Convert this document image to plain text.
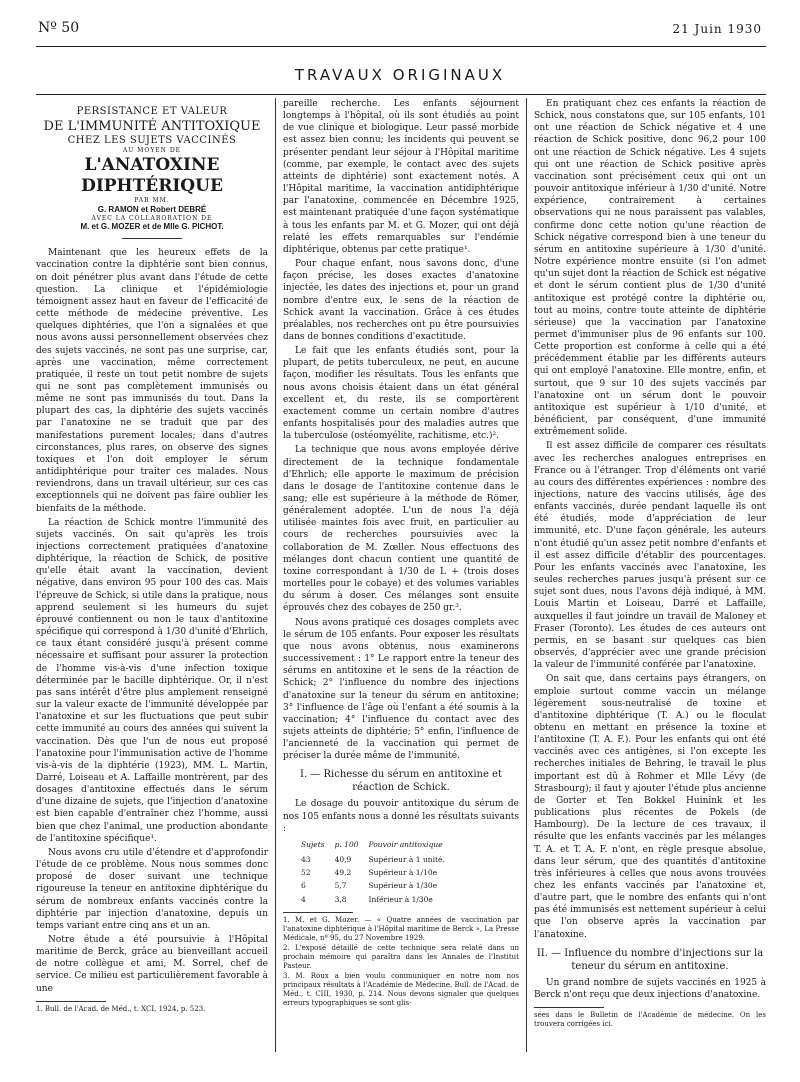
Nº 50	21 Juin 1930
TRAVAUX ORIGINAUX
PERSISTANCE ET VALEUR
DE L'IMMUNITÉ ANTITOXIQUE
CHEZ LES SUJETS VACCINÉS
AU MOYEN DE
L'ANATOXINE DIPHTÉRIQUE
PAR MM.
G. RAMON et Robert DEBRÉ
AVEC LA COLLABORATION DE
M. et G. MOZER et de Mlle G. PICHOT.

Maintenant que les heureux effets de la vaccination contre la diphtérie sont bien connus, on doit pénétrer plus avant dans l'étude de cette question. La clinique et l'épidémiologie témoignent assez haut en faveur de l'efficacité de cette méthode de médecine préventive. Les quelques diphtéries, que l'on a signalées et que nous avons aussi personnellement observées chez des sujets vaccinés, ne sont pas une surprise, car, après une vaccination, même correctement pratiquée, il reste un tout petit nombre de sujets qui ne sont pas complètement immunisés ou même ne sont pas immunisés du tout. Dans la plupart des cas, la diphtérie des sujets vaccinés par l'anatoxine ne se traduit que par des manifestations purement locales; dans d'autres circonstances, plus rares, on observe des signes toxiques et l'on doit employer le sérum antidiphtérique pour traiter ces malades. Nous reviendrons, dans un travail ultérieur, sur ces cas exceptionnels qui ne doivent pas faire oublier les bienfaits de la méthode.

La réaction de Schick montre l'immunité des sujets vaccinés. On sait qu'après les trois injections correctement pratiquées d'anatoxine diphtérique, la réaction de Schick, de positive qu'elle était avant la vaccination, devient négative, dans environ 95 pour 100 des cas. Mais l'épreuve de Schick, si utile dans la pratique, nous apprend seulement si les humeurs du sujet éprouvé contiennent ou non le taux d'antitoxine spécifique qui correspond à 1/30 d'unité d'Ehrlich, ce taux étant considéré jusqu'à présent comme nécessaire et suffisant pour assurer la protection de l'homme vis-à-vis d'une infection toxique déterminée par le bacille diphtérique. Or, il n'est pas sans intérêt d'être plus amplement renseigné sur la valeur exacte de l'immunité développée par l'anatoxine et sur les fluctuations que peut subir cette immunité au cours des années qui suivent la vaccination. Dès que l'un de nous eut proposé l'anatoxine pour l'immunisation active de l'homme vis-à-vis de la diphtérie (1923), MM. L. Martin, Darré, Loiseau et A. Laffaille montrèrent, par des dosages d'antitoxine effectués dans le sérum d'une dizaine de sujets, que l'injection d'anatoxine est bien capable d'entraîner chez l'homme, aussi bien que chez l'animal, une production abondante de l'antitoxine spécifique¹.

Nous avons cru utile d'étendre et d'approfondir l'étude de ce problème. Nous nous sommes donc proposé de doser suivant une technique rigoureuse la teneur en antitoxine diphtérique du sérum de nombreux enfants vaccinés contre la diphtérie par injection d'anatoxine, depuis un temps variant entre cinq ans et un an.

Notre étude a été poursuivie à l'Hôpital maritime de Berck, grâce au bienveillant accueil de notre collègue et ami, M. Sorrel, chef de service. Ce milieu est particulièrement favorable à une

1. Bull. de l'Acad. de Méd., t. XCI, 1924, p. 523.

pareille recherche. Les enfants séjournent longtemps à l'hôpital, où ils sont étudiés au point de vue clinique et biologique. Leur passé morbide est assez bien connu; les incidents qui peuvent se présenter pendant leur séjour à l'Hôpital maritime (comme, par exemple, le contact avec des sujets atteints de diphtérie) sont exactement notés. A l'Hôpital maritime, la vaccination antidiphtérique par l'anatoxine, commencée en Décembre 1925, est maintenant pratiquée d'une façon systématique à tous les enfants par M. et G. Mozer, qui ont déjà relaté les effets remarquables sur l'endémie diphtérique, obtenus par cette pratique¹.

Pour chaque enfant, nous savons donc, d'une façon précise, les doses exactes d'anatoxine injectée, les dates des injections et, pour un grand nombre d'entre eux, le sens de la réaction de Schick avant la vaccination. Grâce à ces études préalables, nos recherches ont pu être poursuivies dans de bonnes conditions d'exactitude.

Le fait que les enfants étudiés sont, pour la plupart, de petits tuberculeux, ne peut, en aucune façon, modifier les résultats. Tous les enfants que nous avons choisis étaient dans un état général excellent et, du reste, ils se comportèrent exactement comme un certain nombre d'autres enfants hospitalisés pour des maladies autres que la tuberculose (ostéomyélite, rachitisme, etc.)².

La technique que nous avons employée dérive directement de la technique fondamentale d'Ehrlich; elle apporte le maximum de précision dans le dosage de l'antitoxine contenue dans le sang; elle est supérieure à la méthode de Römer, généralement adoptée. L'un de nous l'a déjà utilisée maintes fois avec fruit, en particulier au cours de recherches poursuivies avec la collaboration de M. Zœller. Nous effectuons des mélanges dont chacun contient une quantité de toxine correspondant à 1/30 de L + (trois doses mortelles pour le cobaye) et des volumes variables du sérum à doser. Ces mélanges sont ensuite éprouvés chez des cobayes de 250 gr.³.

Nous avons pratiqué ces dosages complets avec le sérum de 105 enfants. Pour exposer les résultats que nous avons obtenus, nous examinerons successivement : 1° Le rapport entre la teneur des sérums en antitoxine et le sens de la réaction de Schick; 2° l'influence du nombre des injections d'anatoxine sur la teneur du sérum en antitoxine; 3° l'influence de l'âge où l'enfant a été soumis à la vaccination; 4° l'influence du contact avec des sujets atteints de diphtérie; 5° enfin, l'influence de l'ancienneté de la vaccination qui permet de préciser la durée même de l'immunité.

I. — Richesse du sérum en antitoxine et réaction de Schick.

Le dosage du pouvoir antitoxique du sérum de nos 105 enfants nous a donné les résultats suivants :

Sujets	p. 100	Pouvoir antitoxique
43	40,9	Supérieur à 1 unité.
52	49,2	Supérieur à 1/10e
6	5,7	Supérieur à 1/30e
4	3,8	Inférieur à 1/30e

1. M. et G. Mozer. — « Quatre années de vaccination par l'anatoxine diphtérique à l'Hôpital maritime de Berck », La Presse Médicale, nº 95, du 27 Novembre 1929.

2. L'exposé détaillé de cette technique sera relaté dans un prochain mémoire qui paraîtra dans les Annales de l'Institut Pasteur.

3. M. Roux a bien voulu communiquer en notre nom nos principaux résultats à l'Académie de Médecine, Bull. de l'Acad. de Méd., t. CIII, 1930, p. 214. Nous devons signaler que quelques erreurs typographiques se sont glis-

En pratiquant chez ces enfants la réaction de Schick, nous constatons que, sur 105 enfants, 101 ont une réaction de Schick négative et 4 une réaction de Schick positive, donc 96,2 pour 100 ont une réaction de Schick négative. Les 4 sujets qui ont une réaction de Schick positive après vaccination sont précisément ceux qui ont un pouvoir antitoxique inférieur à 1/30 d'unité. Notre expérience, contrairement à certaines observations qui ne nous paraissent pas valables, confirme donc cette notion qu'une réaction de Schick négative correspond bien à une teneur du sérum en antitoxine supérieure à 1/30 d'unité. Notre expérience montre ensuite (si l'on admet qu'un sujet dont la réaction de Schick est négative et dont le sérum contient plus de 1/30 d'unité antitoxique est protégé contre la diphtérie ou, tout au moins, contre toute atteinte de diphtérie sérieuse) que la vaccination par l'anatoxine permet d'immuniser plus de 96 enfants sur 100. Cette proportion est conforme à celle qui a été précédemment établie par les différents auteurs qui ont employé l'anatoxine. Elle montre, enfin, et surtout, que 9 sur 10 des sujets vaccinés par l'anatoxine ont un sérum dont le pouvoir antitoxique est supérieur à 1/10 d'unité, et bénéficient, par conséquent, d'une immunité extrêmement solide.

Il est assez difficile de comparer ces résultats avec les recherches analogues entreprises en France ou à l'étranger. Trop d'éléments ont varié au cours des différentes expériences : nombre des injections, nature des vaccins utilisés, âge des enfants vaccinés, durée pendant laquelle ils ont été étudiés, mode d'appréciation de leur immunité, etc. D'une façon générale, les auteurs n'ont étudié qu'un assez petit nombre d'enfants et il est assez difficile d'établir des pourcentages. Pour les enfants vaccinés avec l'anatoxine, les seules recherches parues jusqu'à présent sur ce sujet sont dues, nous l'avons déjà indiqué, à MM. Louis Martin et Loiseau, Darré et Laffaille, auxquelles il faut joindre un travail de Maloney et Fraser (Toronto). Les études de ces auteurs ont permis, en se basant sur quelques cas bien observés, d'apprécier avec une grande précision la valeur de l'immunité conférée par l'anatoxine.

On sait que, dans certains pays étrangers, on emploie surtout comme vaccin un mélange légèrement sous-neutralisé de toxine et d'antitoxine diphtérique (T. A.) ou le floculat obtenu en mettant en présence la toxine et l'antitoxine (T. A. F.). Pour les enfants qui ont été vaccinés avec ces antigènes, si l'on excepte les recherches initiales de Behring, le travail le plus important est dû à Rohmer et Mlle Lévy (de Strasbourg); il faut y ajouter l'étude plus ancienne de Gorter et Ten Bokkel Huinink et les publications plus récentes de Pokels (de Hambourg). De la lecture de ces travaux, il résulte que les enfants vaccinés par les mélanges T. A. et T. A. F. n'ont, en règle presque absolue, dans leur sérum, que des quantités d'antitoxine très inférieures à celles que nous avons trouvées chez les enfants vaccinés par l'anatoxine et, d'autre part, que le nombre des enfants qui n'ont pas été immunisés est nettement supérieur à celui que l'on observe après la vaccination par l'anatoxine.

II. — Influence du nombre d'injections sur la teneur du sérum en antitoxine.

Un grand nombre de sujets vaccinés en 1925 à Berck n'ont reçu que deux injections d'anatoxine.

sées dans le Bulletin de l'Académie de médecine. On les trouvera corrigées ici.
